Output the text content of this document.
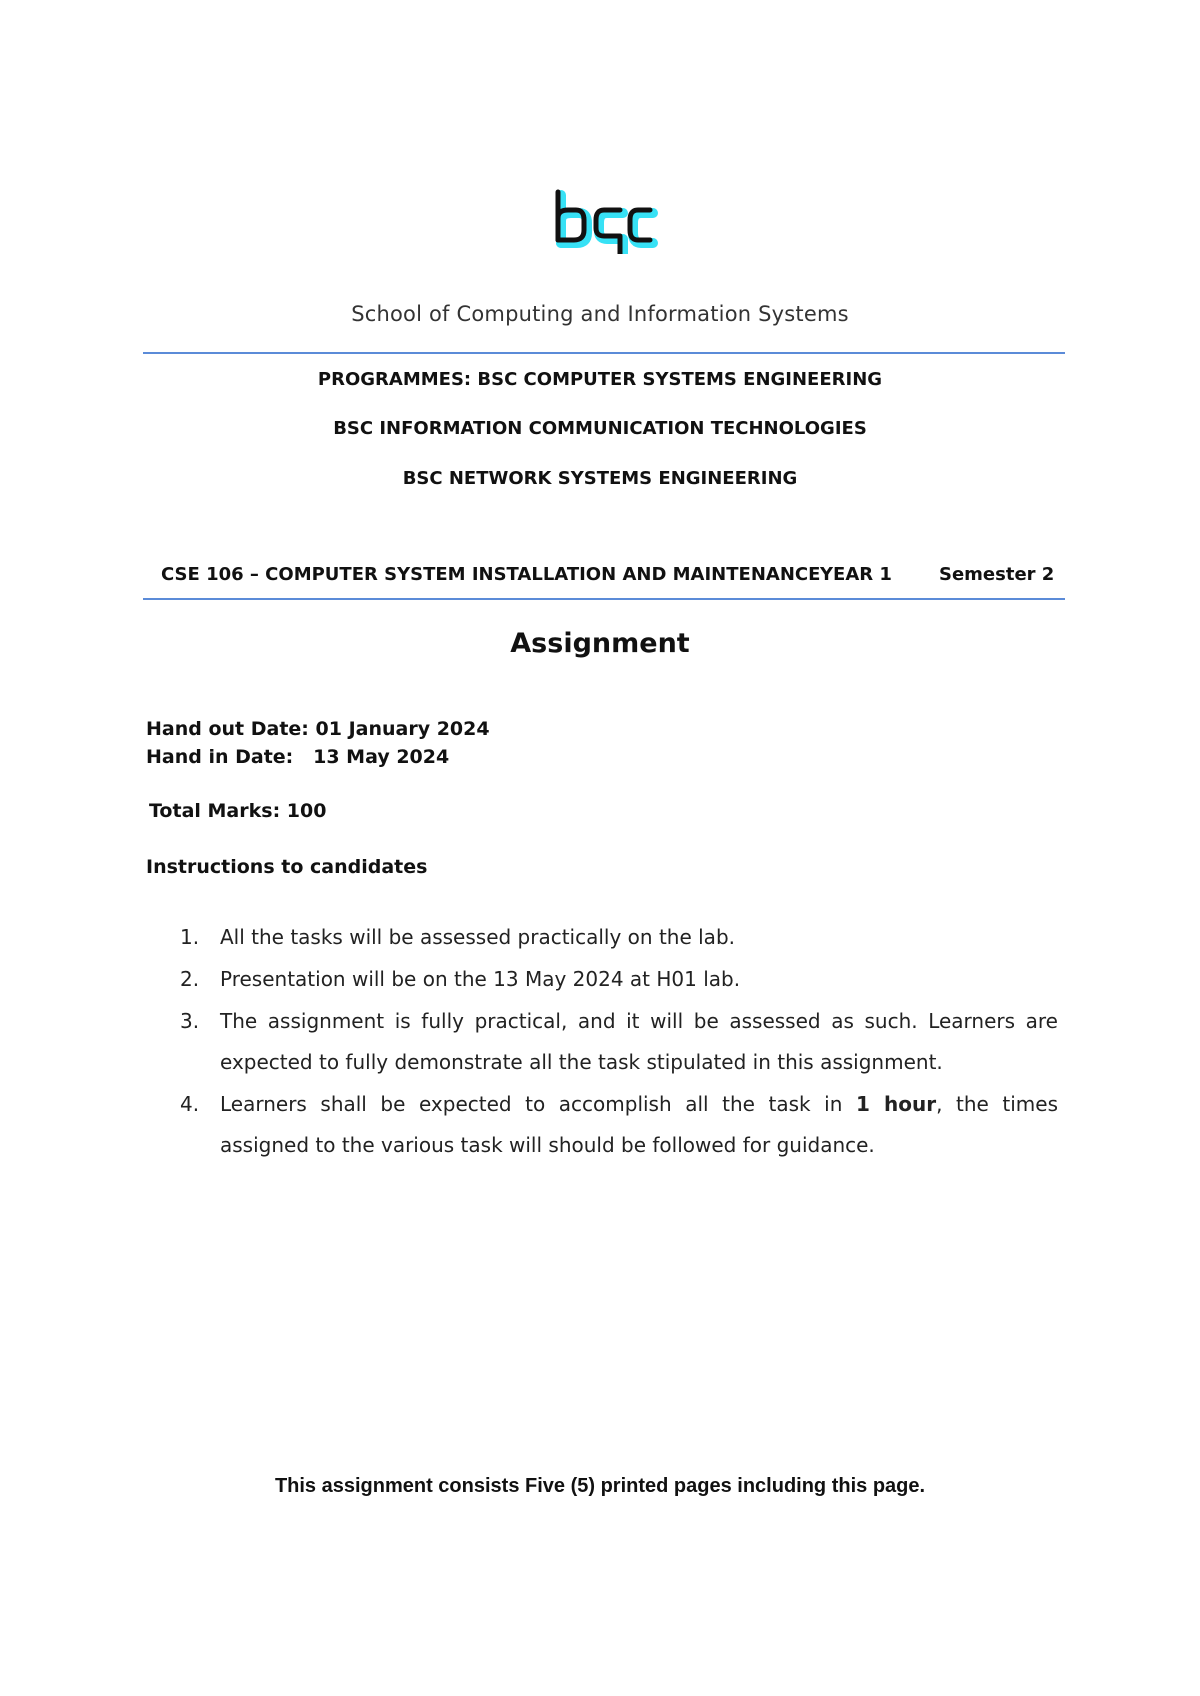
School of Computing and Information Systems
PROGRAMMES: BSC COMPUTER SYSTEMS ENGINEERING
BSC INFORMATION COMMUNICATION TECHNOLOGIES
BSC NETWORK SYSTEMS ENGINEERING
CSE 106 – COMPUTER SYSTEM INSTALLATION AND MAINTENANCE YEAR 1	Semester 2
Assignment
Hand out Date: 01 January 2024
Hand in Date:   13 May 2024
Total Marks: 100
Instructions to candidates
1. All the tasks will be assessed practically on the lab.
2. Presentation will be on the 13 May 2024 at H01 lab.
3. The assignment is fully practical, and it will be assessed as such. Learners are expected to fully demonstrate all the task stipulated in this assignment.
4. Learners shall be expected to accomplish all the task in 1 hour, the times assigned to the various task will should be followed for guidance.
This assignment consists Five (5) printed pages including this page.
